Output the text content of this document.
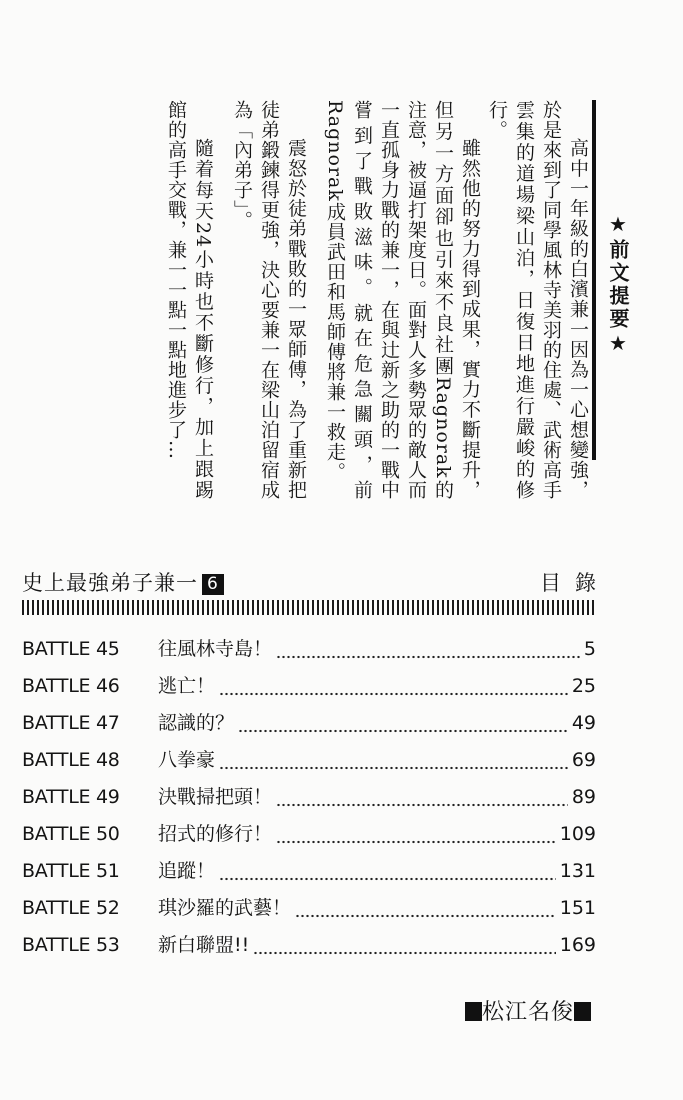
★前文提要★

高中一年級的白濱兼一因為一心想變強，於是來到了同學風林寺美羽的住處、武術高手雲集的道場梁山泊，日復日地進行嚴峻的修行。

雖然他的努力得到成果，實力不斷提升，但另一方面卻也引來不良社團Ragnorak的注意，被逼打架度日。面對人多勢眾的敵人而一直孤身力戰的兼一，在與辻新之助的一戰中嘗到了戰敗滋味。就在危急關頭，前Ragnorak成員武田和馬師傅將兼一救走。

震怒於徒弟戰敗的一眾師傅，為了重新把徒弟鍛鍊得更強，決心要兼一在梁山泊留宿成為「內弟子」。

隨着每天24小時也不斷修行，加上跟踢館的高手交戰，兼一一點一點地進步了…

史上最強弟子兼一 6	目錄
BATTLE 45	往風林寺島！	5
BATTLE 46	逃亡！	25
BATTLE 47	認識的？	49
BATTLE 48	八拳豪	69
BATTLE 49	決戰掃把頭！	89
BATTLE 50	招式的修行！	109
BATTLE 51	追蹤！	131
BATTLE 52	琪沙羅的武藝！	151
BATTLE 53	新白聯盟!!	169
松江名俊
